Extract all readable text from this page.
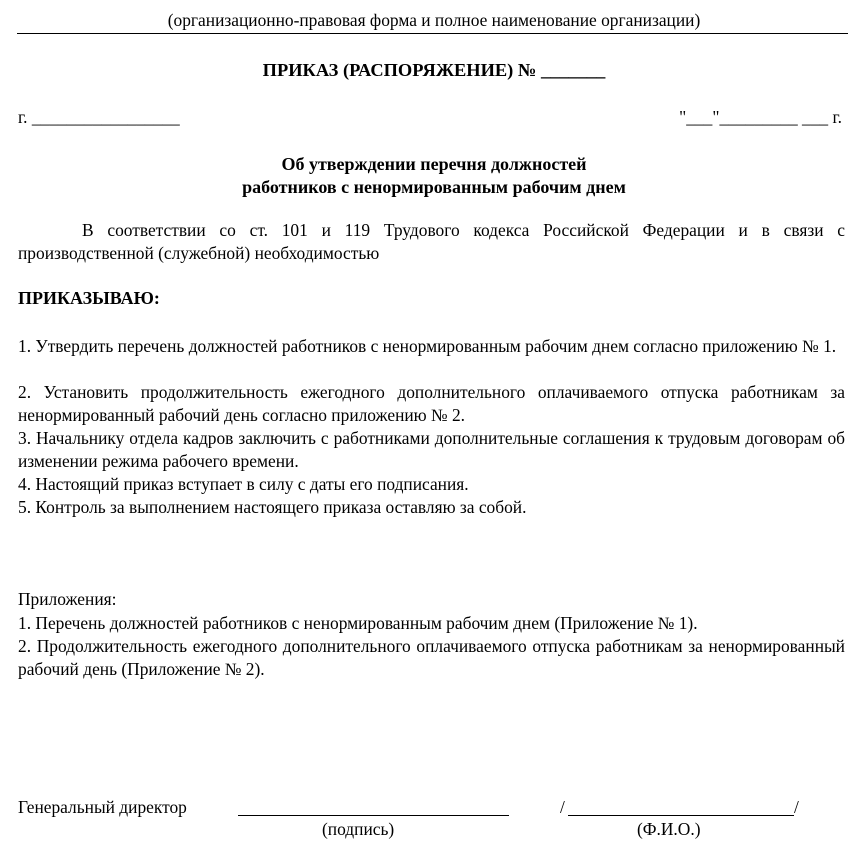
(организационно-правовая форма и полное наименование организации)
ПРИКАЗ (РАСПОРЯЖЕНИЕ) № _______
г. _________________	"___"_________ ___ г.
Об утверждении перечня должностей
работников с ненормированным рабочим днем
В соответствии со ст. 101 и 119 Трудового кодекса Российской Федерации и в связи с производственной (служебной) необходимостью
ПРИКАЗЫВАЮ:
1. Утвердить перечень должностей работников с ненормированным рабочим днем согласно приложению № 1.
2. Установить продолжительность ежегодного дополнительного оплачиваемого отпуска работникам за ненормированный рабочий день согласно приложению № 2.
3. Начальнику отдела кадров заключить с работниками дополнительные соглашения к трудовым договорам об изменении режима рабочего времени.
4. Настоящий приказ вступает в силу с даты его подписания.
5. Контроль за выполнением настоящего приказа оставляю за собой.
Приложения:
1. Перечень должностей работников с ненормированным рабочим днем (Приложение № 1).
2. Продолжительность ежегодного дополнительного оплачиваемого отпуска работникам за ненормированный рабочий день (Приложение № 2).
Генеральный директор
(подпись)
/	/
(Ф.И.О.)
